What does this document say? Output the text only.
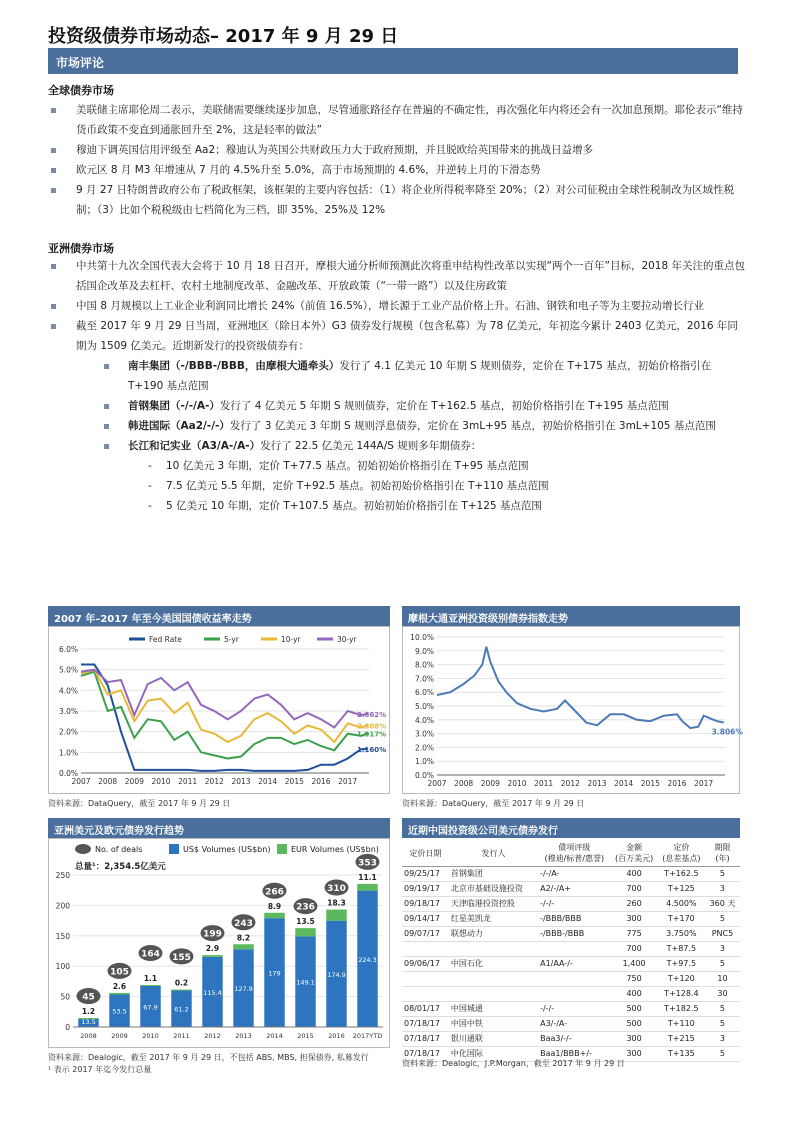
投资级债券市场动态– 2017 年 9 月 29 日
市场评论
全球债券市场
美联储主席耶伦周二表示，美联储需要继续逐步加息，尽管通胀路径存在普遍的不确定性，再次强化年内将还会有一次加息预期。耶伦表示“维持货币政策不变直到通胀回升至 2%，这是轻率的做法”
穆迪下调英国信用评级至 Aa2；穆迪认为英国公共财政压力大于政府预期，并且脱欧给英国带来的挑战日益增多
欧元区 8 月 M3 年增速从 7 月的 4.5%升至 5.0%，高于市场预期的 4.6%，并逆转上月的下滑态势
9 月 27 日特朗普政府公布了税政框架，该框架的主要内容包括：（1）将企业所得税率降至 20%；（2）对公司征税由全球性税制改为区域性税制；（3）比如个税税级由七档简化为三档，即 35%、25%及 12%
亚洲债券市场
中共第十九次全国代表大会将于 10 月 18 日召开，摩根大通分析师预测此次将重申结构性改革以实现“两个一百年”目标，2018 年关注的重点包括国企改革及去杠杆、农村土地制度改革、金融改革、开放政策（“一带一路”）以及住房政策
中国 8 月规模以上工业企业利润同比增长 24%（前值 16.5%），增长源于工业产品价格上升。石油、钢铁和电子等为主要拉动增长行业
截至 2017 年 9 月 29 日当周，亚洲地区（除日本外）G3 债券发行规模（包含私募）为 78 亿美元，年初迄今累计 2403 亿美元，2016 年同期为 1509 亿美元。近期新发行的投资级债券有：
南丰集团（-/BBB-/BBB，由摩根大通牵头）发行了 4.1 亿美元 10 年期 S 规则债券，定价在 T+175 基点，初始价格指引在 T+190 基点范围
首钢集团（-/-/A-）发行了 4 亿美元 5 年期 S 规则债券，定价在 T+162.5 基点，初始价格指引在 T+195 基点范围
韩进国际（Aa2/-/-）发行了 3 亿美元 3 年期 S 规则浮息债券，定价在 3mL+95 基点，初始价格指引在 3mL+105 基点范围
长江和记实业（A3/A-/A-）发行了 22.5 亿美元 144A/S 规则多年期债券：
- 10 亿美元 3 年期，定价 T+77.5 基点。初始初始价格指引在 T+95 基点范围
- 7.5 亿美元 5.5 年期，定价 T+92.5 基点。初始初始价格指引在 T+110 基点范围
- 5 亿美元 10 年期，定价 T+107.5 基点。初始初始价格指引在 T+125 基点范围
2007 年–2017 年至今美国国债收益率走势
0.0%
1.0%
2.0%
3.0%
4.0%
5.0%
6.0%
2007 2008 2009 2010 2011 2012 2013 2014 2015 2016 2017
Fed Rate	5-yr	10-yr	30-yr
2.862%
2.308%
1.917%
1.160%
资料来源：DataQuery，截至 2017 年 9 月 29 日
摩根大通亚洲投资级别债券指数走势
0.0%
1.0%
2.0%
3.0%
4.0%
5.0%
6.0%
7.0%
8.0%
9.0%
10.0%
2007 2008 2009 2010 2011 2012 2013 2014 2015 2016 2017
3.806%
资料来源：DataQuery，截至 2017 年 9 月 29 日
亚洲美元及欧元债券发行趋势
0
50
100
150
200
250
No. of deals	US$ Volumes (US$bn)	EUR Volumes (US$bn)
总量¹：2,354.5亿美元
13.5
1.2
45
2008
53.5
2.6
105
2009
67.9
1.1
164
2010
61.2
0.2
155
2011
115.4
2.9
199
2012
127.9
8.2
243
2013
179
8.9
266
2014
149.1
13.5
236
2015
174.9
18.3
310
2016
224.3
11.1
353
2017YTD
资料来源：Dealogic，截至 2017 年 9 月 29 日，不包括 ABS, MBS, 担保债券, 私募发行
¹ 表示 2017 年迄今发行总量
近期中国投资级公司美元债券发行
定价日期	发行人	債項评级
(穆迪/标普/惠誉)	金额
(百万美元)	定价
(息差基点)	期限
(年)
09/25/17	首钢集团	-/-/A-	400	T+162.5	5
09/19/17	北京市基础设施投资	A2/-/A+	700	T+125	3
09/18/17	天津临港投资控股	-/-/-	260	4.500%	360 天
09/14/17	红星美凯龙	-/BBB/BBB	300	T+170	5
09/07/17	联想动力	-/BBB-/BBB	775	3.750%	PNC5
			700	T+87.5	3
09/06/17	中国石化	A1/AA-/-	1,400	T+97.5	5
			750	T+120	10
			400	T+128.4	30
08/01/17	中国城通	-/-/-	500	T+182.5	5
07/18/17	中国中铁	A3/-/A-	500	T+110	5
07/18/17	银川通联	Baa3/-/-	300	T+215	3
07/18/17	中化国际	Baa1/BBB+/-	300	T+135	5
资料来源：Dealogic，J.P.Morgan，截至 2017 年 9 月 29 日
